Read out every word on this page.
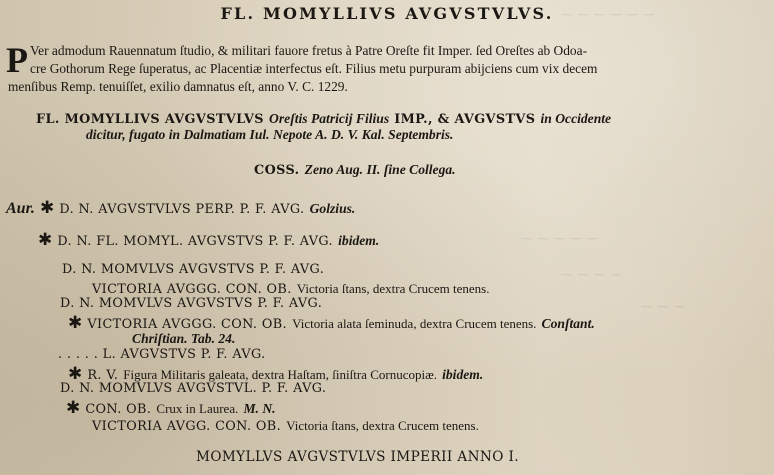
— — — — — —
— — — — —
— — — —
— — —
FL. MOMYLLIVS AVGVSTVLVS.
P Ver admodum Rauennatum ſtudio, & militari fauore fretus à Patre Oreſte fit Imper. ſed Oreſtes ab Odoa-
cre Gothorum Rege ſuperatus, ac Placentiæ interfectus eſt. Filius metu purpuram abijciens cum vix decem
menſibus Remp. tenuiſſet, exilio damnatus eſt, anno V. C. 1229.
FL. MOMYLLIVS AVGVSTVLVS Oreſtis Patricij Filius IMP., & AVGVSTVS in Occidente
dicitur, fugato in Dalmatiam Iul. Nepote A. D. V. Kal. Septembris.
COSS. Zeno Aug. II. ſine Collega.
Aur. ✱ D. N. AVGVSTVLVS PERP. P. F. AVG. Golzius.
✱ D. N. FL. MOMYL. AVGVSTVS P. F. AVG. ibidem.
D. N. MOMVLVS AVGVSTVS P. F. AVG.
VICTORIA AVGGG. CON. OB. Victoria ſtans, dextra Crucem tenens.
D. N. MOMVLVS AVGVSTVS P. F. AVG.
✱ VICTORIA AVGGG. CON. OB. Victoria alata ſeminuda, dextra Crucem tenens. Conſtant.
Chriſtian. Tab. 24.
. . . . . L. AVGVSTVS P. F. AVG.
✱ R. V. Figura Militaris galeata, dextra Haſtam, ſiniſtra Cornucopiæ. ibidem.
D. N. MOMVLVS AVGVSTVL. P. F. AVG.
✱ CON. OB. Crux in Laurea. M. N.
VICTORIA AVGG. CON. OB. Victoria ſtans, dextra Crucem tenens.
MOMYLLVS AVGVSTVLVS IMPERII ANNO I.
